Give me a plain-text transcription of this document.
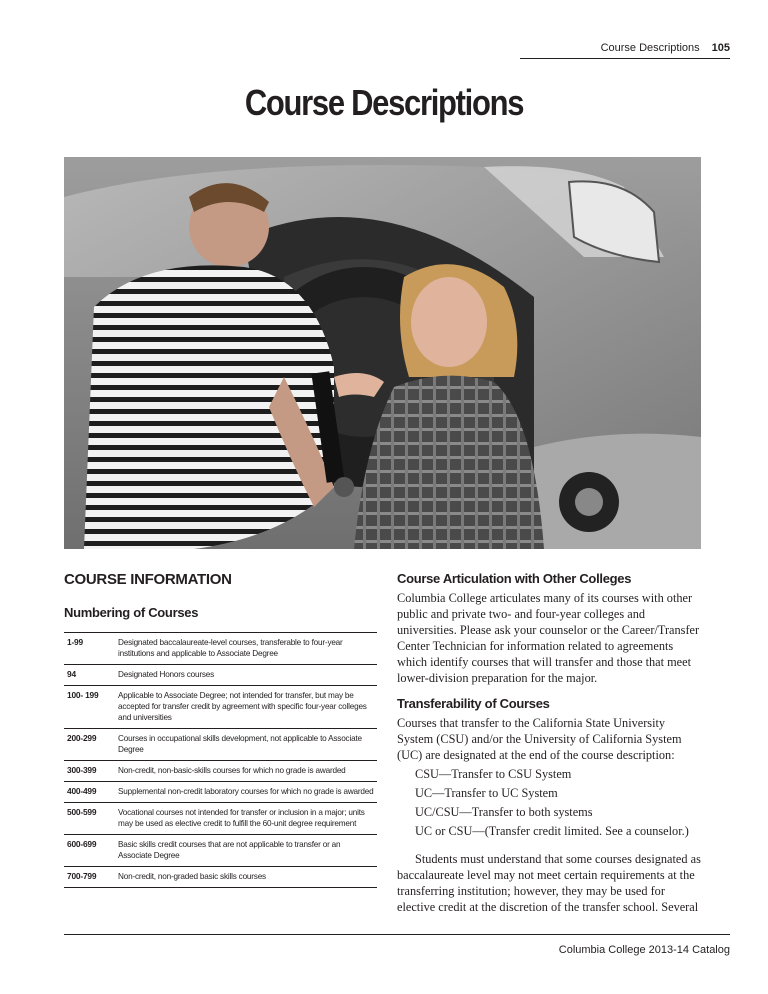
Course Descriptions 105
Course Descriptions
COURSE INFORMATION
Numbering of Courses
1-99	Designated baccalaureate-level courses, transferable to four-year institutions and applicable to Associate Degree
94	Designated Honors courses
100- 199	Applicable to Associate Degree; not intended for transfer, but may be accepted for transfer credit by agreement with specific four-year colleges and universities
200-299	Courses in occupational skills development, not applicable to Associate Degree
300-399	Non-credit, non-basic-skills courses for which no grade is awarded
400-499	Supplemental non-credit laboratory courses for which no grade is awarded
500-599	Vocational courses not intended for transfer or inclusion in a major; units may be used as elective credit to fulfill the 60-unit degree requirement
600-699	Basic skills credit courses that are not applicable to transfer or an Associate Degree
700-799	Non-credit, non-graded basic skills courses
Course Articulation with Other Colleges

Columbia College articulates many of its courses with other public and private two- and four-year colleges and universities. Please ask your counselor or the Career/Transfer Center Technician for information related to agreements which identify courses that will transfer and those that meet lower-division preparation for the major.

Transferability of Courses

Courses that transfer to the California State University System (CSU) and/or the University of California System (UC) are designated at the end of the course description:

CSU—Transfer to CSU System
UC—Transfer to UC System
UC/CSU—Transfer to both systems
UC or CSU—(Transfer credit limited. See a counselor.)

Students must understand that some courses designated as baccalaureate level may not meet certain requirements at the transferring institution; however, they may be used for elective credit at the discretion of the transfer school. Several

Columbia College 2013-14 Catalog
